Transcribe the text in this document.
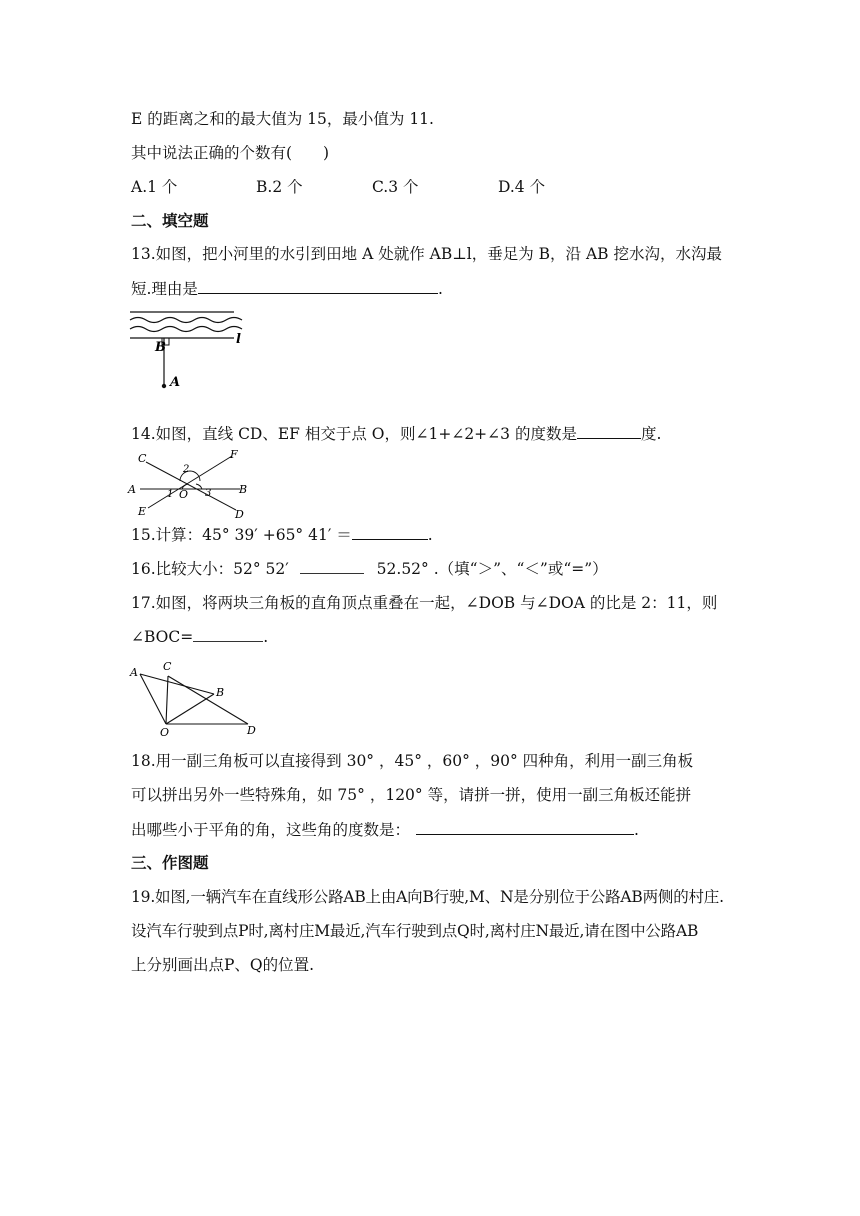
E 的距离之和的最大值为 15，最小值为 11.
其中说法正确的个数有(　　)
A.1 个	B.2 个	C.3 个	D.4 个
二、填空题
13.如图，把小河里的水引到田地 A 处就作 AB⊥l，垂足为 B，沿 AB 挖水沟，水沟最
短.理由是	.
B
l
A
14.如图，直线 CD、EF 相交于点 O，则∠1+∠2+∠3 的度数是	度.
C	F
A	B
E	D
O
2
1	3
15.计算：45° 39′ +65° 41′ ＝	.
16.比较大小：52° 52′	52.52° .（填“＞”、“＜”或“=”）
17.如图，将两块三角板的直角顶点重叠在一起，∠DOB 与∠DOA 的比是 2：11，则
∠BOC=	.
A C
B
O	D
18.用一副三角板可以直接得到 30° ，45° ，60° ，90° 四种角，利用一副三角板
可以拼出另外一些特殊角，如 75° ，120° 等，请拼一拼，使用一副三角板还能拼
出哪些小于平角的角，这些角的度数是：	.
三、作图题
19.如图,一辆汽车在直线形公路AB上由A向B行驶,M、N是分别位于公路AB两侧的村庄.
设汽车行驶到点P时,离村庄M最近,汽车行驶到点Q时,离村庄N最近,请在图中公路AB
上分别画出点P、Q的位置.
